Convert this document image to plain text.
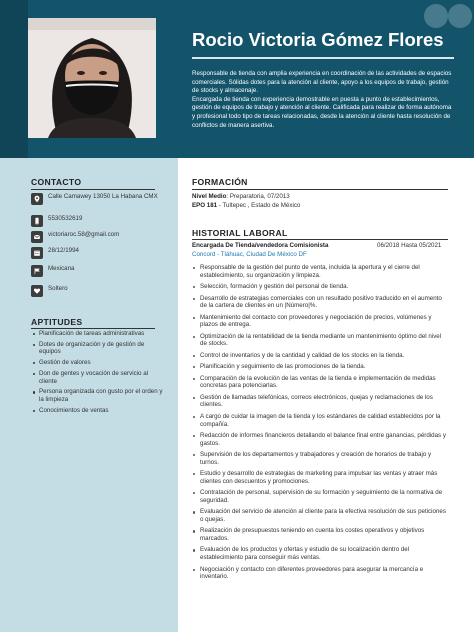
Rocio Victoria Gómez Flores

Responsable de tienda con amplia experiencia en coordinación de las actividades de espacios comerciales. Sólidas dotes para la atención al cliente, apoyo a los equipos de trabajo, gestión de stocks y almacenaje.

Encargada de tienda con experiencia demostrable en puesta a punto de establecimientos, gestión de equipos de trabajo y atención al cliente. Calificada para realizar de forma autónoma y profesional todo tipo de tareas relacionadas, desde la atención al cliente hasta resolución de conflictos de manera asertiva.

CONTACTO
Calle Camawey 13050 La Habana CMX
5530532619
victoriaroc.58@gmail.com
28/12/1994
Mexicana
Soltero
APTITUDES
Planificación de tareas administrativas
Dotes de organización y de gestión de equipos
Gestión de valores
Don de gentes y vocación de servicio al cliente
Persona organizada con gusto por el orden y la limpieza
Conocimientos de ventas
FORMACIÓN
Nivel Medio: Preparatoria, 07/2013
EPO 181 - Tultepec , Estado de México
HISTORIAL LABORAL
Encargada De Tienda/vendedora Comisionista	06/2018 Hasta 05/2021
Concord - Tláhuac, Ciudad De México DF
Responsable de la gestión del punto de venta, incluida la apertura y el cierre del establecimiento, su organización y limpieza.
Selección, formación y gestión del personal de tienda.
Desarrollo de estrategias comerciales con un resultado positivo traducido en el aumento de la cartera de clientes en un |Número|%.
Mantenimiento del contacto con proveedores y negociación de precios, volúmenes y plazos de entrega.
Optimización de la rentabilidad de la tienda mediante un mantenimiento óptimo del nivel de stocks.
Control de inventarios y de la cantidad y calidad de los stocks en la tienda.
Planificación y seguimiento de las promociones de la tienda.
Comparación de la evolución de las ventas de la tienda e implementación de medidas concretas para potenciarlas.
Gestión de llamadas telefónicas, correos electrónicos, quejas y reclamaciones de los clientes.
A cargo de cuidar la imagen de la tienda y los estándares de calidad establecidos por la compañía.
Redacción de informes financieros detallando el balance final entre ganancias, pérdidas y gastos.
Supervisión de los departamentos y trabajadores y creación de horarios de trabajo y turnos.
Estudio y desarrollo de estrategias de marketing para impulsar las ventas y atraer más clientes con descuentos y promociones.
Contratación de personal, supervisión de su formación y seguimiento de la normativa de seguridad.
Evaluación del servicio de atención al cliente para la efectiva resolución de sus peticiones o quejas.
Realización de presupuestos teniendo en cuenta los costes operativos y objetivos marcados.
Evaluación de los productos y ofertas y estudio de su localización dentro del establecimiento para conseguir más ventas.
Negociación y contacto con diferentes proveedores para asegurar la mercancía e inventario.
